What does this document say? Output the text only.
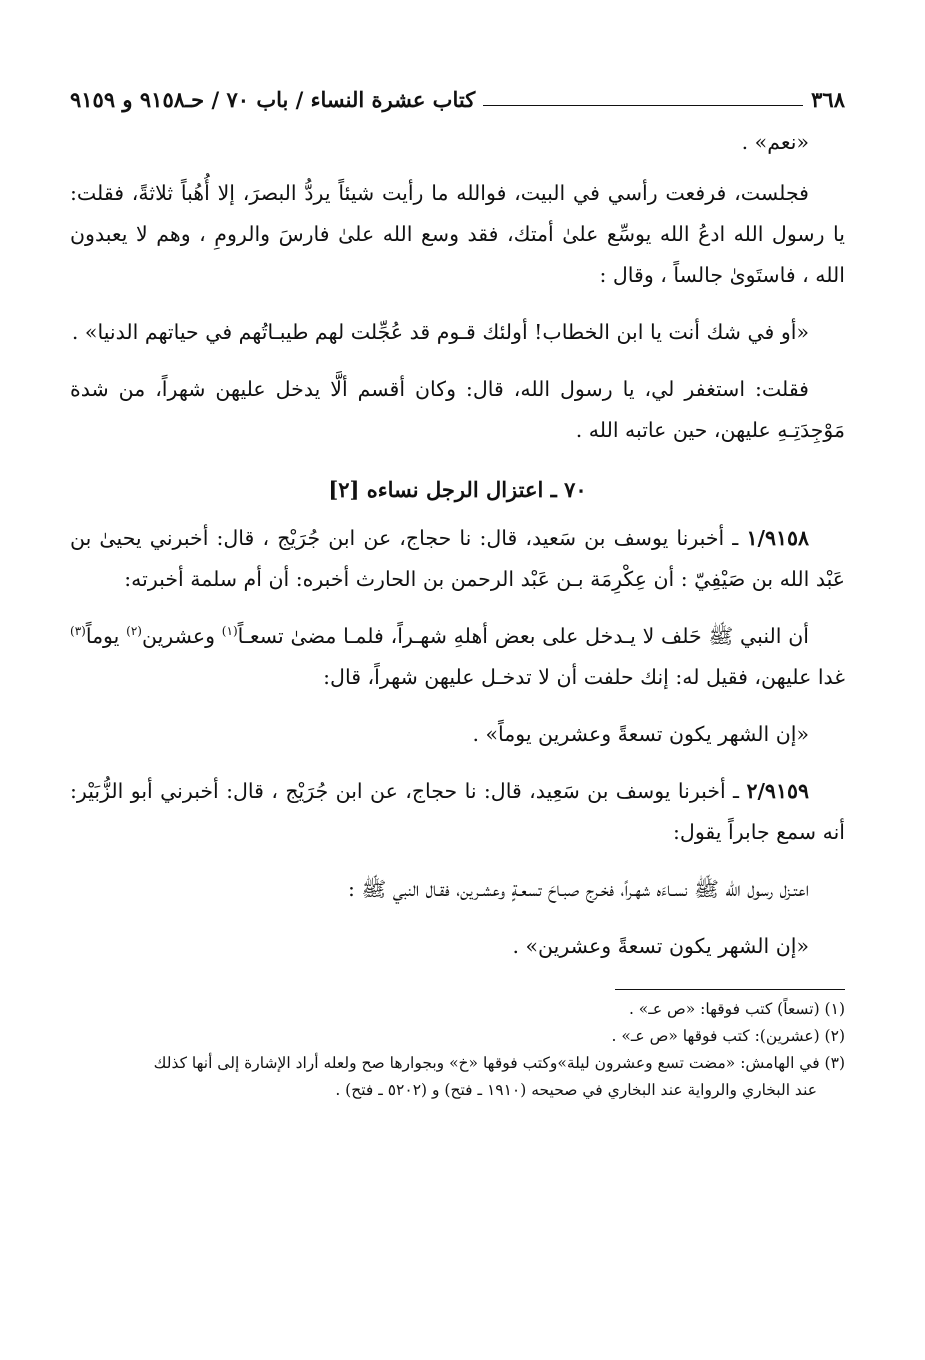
٣٦٨
كتاب عشرة النساء / باب ٧٠ / حـ٩١٥٨ و ٩١٥٩

«نعم» .

فجلست، فرفعت رأسي في البيت، فوالله ما رأيت شيئاً يردُّ البصرَ، إلا أُهُباً ثلاثةً، فقلت: يا رسول الله ادعُ الله يوسِّع علىٰ أمتك، فقد وسع الله علىٰ فارسَ والرومِ ، وهم لا يعبدون الله ، فاستَوىٰ جالساً ، وقال :

«أو في شك أنت يا ابن الخطاب! أولئك قـوم قد عُجِّلت لهم طيبـاتُهم في حياتهم الدنيا» .

فقلت: استغفر لي، يا رسول الله، قال: وكان أقسم ألَّا يدخل عليهن شهراً، من شدة مَوْجِدَتِـهِ عليهن، حين عاتبه الله .

٧٠ ـ اعتزال الرجل نساءه [٢]

١/٩١٥٨ ـ أخبرنا يوسف بن سَعيد، قال: نا حجاج، عن ابن جُرَيْج ، قال: أخبرني يحيىٰ بن عَبْد الله بن صَيْفِيّ : أن عِكْرِمَة بـن عَبْد الرحمن بن الحارث أخبره: أن أم سلمة أخبرته:

أن النبي ﷺ حَلف لا يـدخل على بعض أهلهِ شهـراً، فلمـا مضىٰ تسعـاً$^{(١)}$ وعشرين$^{(٢)}$ يوماً$^{(٣)}$ غدا عليهن، فقيل له: إنك حلفت أن لا تدخـل عليهن شهراً، قال:

«إن الشهر يكون تسعةً وعشرين يوماً» .

٢/٩١٥٩ ـ أخبرنا يوسف بن سَعِيد، قال: نا حجاج، عن ابن جُرَيْج ، قال: أخبرني أبو الزُّبَيْر: أنه سمع جابراً يقول:

اعتـزل رسول الله ﷺ نسـاءَه شهـراً، فخـرج صبـاحَ تسعـةٍ وعشـرين، فقـال النبي ﷺ :

«إن الشهر يكون تسعةً وعشرين» .

(١) (تسعاً) كتب فوقها: «ص عـ» .

(٢) (عشرين): كتب فوقها «ص عـ» .

(٣) في الهامش: «مضت تسع وعشرون ليلة»وكتب فوقها «خ» وبجوارها صح ولعله أراد الإشارة إلى أنها كذلك

عند البخاري والرواية عند البخاري في صحيحه (١٩١٠ ـ فتح) و (٥٢٠٢ ـ فتح) .
